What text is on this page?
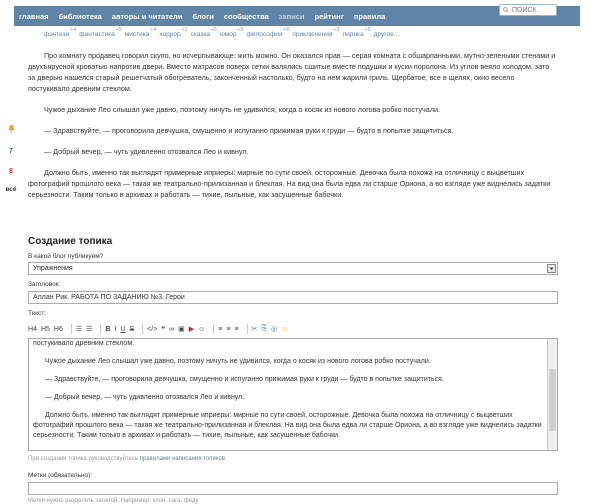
главная	библиотека	авторы и читатели	блоги	сообщества	записи	рейтинг	правила
ПОИСК
фэнтези
+4
фантастика
+5
мистика
+4
хоррор
+1
сказка
+5
юмор
+5
философия
+6
приключения
+3
лирика
+5
другое...
7
8
всё

Про комнату продавец говорил скупо, но исчерпывающе: жить можно. Он оказался прав — серая комната с обшарпанными, мутно-зелеными стенами и двухъярусной кроватью напротив двери. Вместо матрасов поверх сетки валялись сшитые вместе подушки и куски поролона. Из углов веяло холодом, зато за дверью нашелся старый решетчатый обогреватель, законченный настолько, будто на нем жарили гриль. Щербатое, все в щелях, окно весело постукивало древним стеклом.

Чужое дыхание Лео слышал уже давно, поэтому ничуть не удивился, когда о косяк из нового логова робко постучали.

— Здравствуйте, — проговорила девчушка, смущенно и испуганно прижимая руки к груди — будто в попытке защититься.

— Добрый вечер, — чуть удивленно отозвался Лео и кивнул.

Должно быть, именно так выглядят примерные иприеры: мирные по сути своей, осторожные. Девочка была похожа на отличницу с выцветших фотографий прошлого века — такая же театрально-прилизанная и блеклая. На вид она была едва ли старше Ориона, а во взгляде уже виднелись задатки серьезности. Таким только в архивах и работать — тихие, пыльные, как засушенные бабочки.

Создание топика
В какой блог публикуем?
Упражнения
Заголовок:
Аллан Рик. РАБОТА ПО ЗАДАНИЮ №3. Герои
Текст:
H4 H5 H6 ☰ ☰ B I U S </> ❝ ∞ ▣ ▶ ☺ ≡ ≡ ≡ ✂ ⎘ ◎ ☺
постукивало древним стеклом.

Чужое дыхание Лео слышал уже давно, поэтому ничуть не удивился, когда о косяк из нового логова робко постучали.

— Здравствуйте, — проговорила девчушка, смущенно и испуганно прижимая руки к груди — будто в попытке защититься.

— Добрый вечер, — чуть удивленно отозвался Лео и кивнул.

Должно быть, именно так выглядят примерные иприеры: мирные по сути своей, осторожные. Девочка была похожа на отличницу с выцветших фотографий прошлого века — такая же театрально-прилизанная и блеклая. На вид она была едва ли старше Ориона, а во взгляде уже виднелись задатки серьезности. Таким только в архивах и работать — тихие, пыльные, как засушенные бабочки.

При создании топика руководствуйтесь правилами написания топиков
Метки (обязательно):
Метки нужно разделять запятой. Например: клон, сага, феду
